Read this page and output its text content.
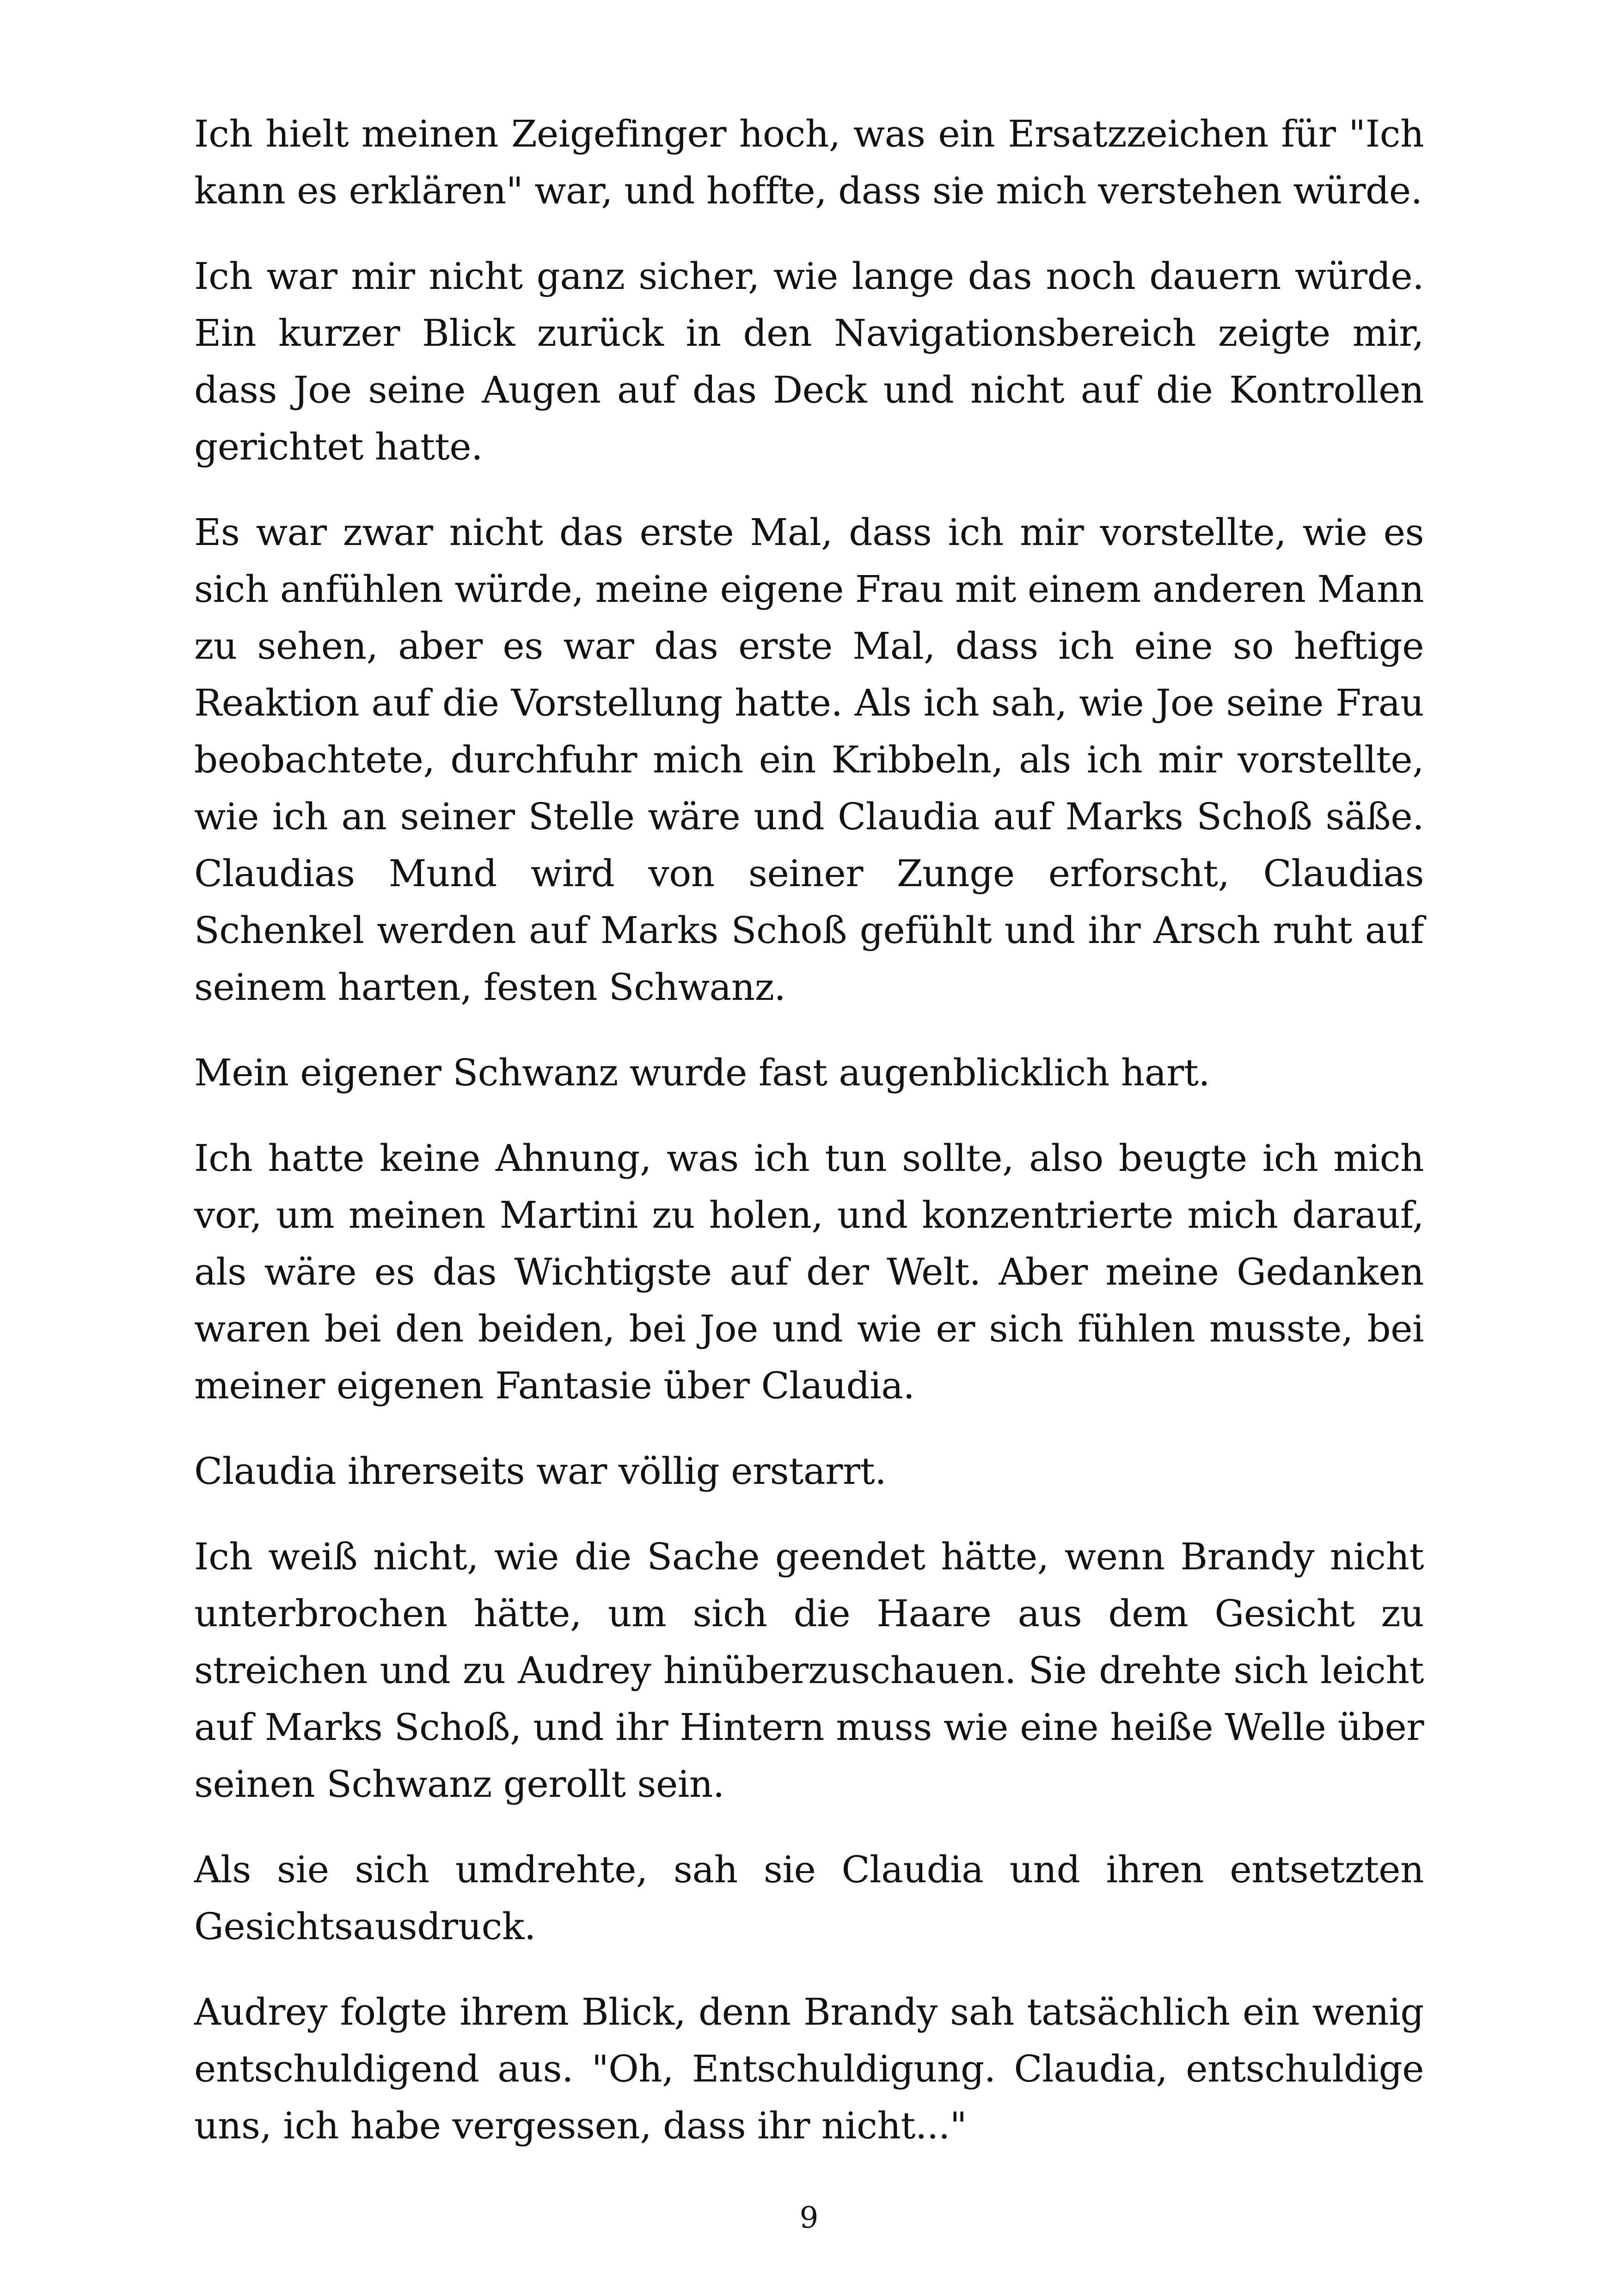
Ich hielt meinen Zeigefinger hoch, was ein Ersatzzeichen für "Ich kann es erklären" war, und hoffte, dass sie mich verstehen würde.

Ich war mir nicht ganz sicher, wie lange das noch dauern würde. Ein kurzer Blick zurück in den Navigationsbereich zeigte mir, dass Joe seine Augen auf das Deck und nicht auf die Kontrollen gerichtet hatte.

Es war zwar nicht das erste Mal, dass ich mir vorstellte, wie es sich anfühlen würde, meine eigene Frau mit einem anderen Mann zu sehen, aber es war das erste Mal, dass ich eine so heftige Reaktion auf die Vorstellung hatte. Als ich sah, wie Joe seine Frau beobachtete, durchfuhr mich ein Kribbeln, als ich mir vorstellte, wie ich an seiner Stelle wäre und Claudia auf Marks Schoß säße. Claudias Mund wird von seiner Zunge erforscht, Claudias Schenkel werden auf Marks Schoß gefühlt und ihr Arsch ruht auf seinem harten, festen Schwanz.

Mein eigener Schwanz wurde fast augenblicklich hart.

Ich hatte keine Ahnung, was ich tun sollte, also beugte ich mich vor, um meinen Martini zu holen, und konzentrierte mich darauf, als wäre es das Wichtigste auf der Welt. Aber meine Gedanken waren bei den beiden, bei Joe und wie er sich fühlen musste, bei meiner eigenen Fantasie über Claudia.

Claudia ihrerseits war völlig erstarrt.

Ich weiß nicht, wie die Sache geendet hätte, wenn Brandy nicht unterbrochen hätte, um sich die Haare aus dem Gesicht zu streichen und zu Audrey hinüberzuschauen. Sie drehte sich leicht auf Marks Schoß, und ihr Hintern muss wie eine heiße Welle über seinen Schwanz gerollt sein.

Als sie sich umdrehte, sah sie Claudia und ihren entsetzten Gesichtsausdruck.

Audrey folgte ihrem Blick, denn Brandy sah tatsächlich ein wenig entschuldigend aus. "Oh, Entschuldigung. Claudia, entschuldige uns, ich habe vergessen, dass ihr nicht..."

9
